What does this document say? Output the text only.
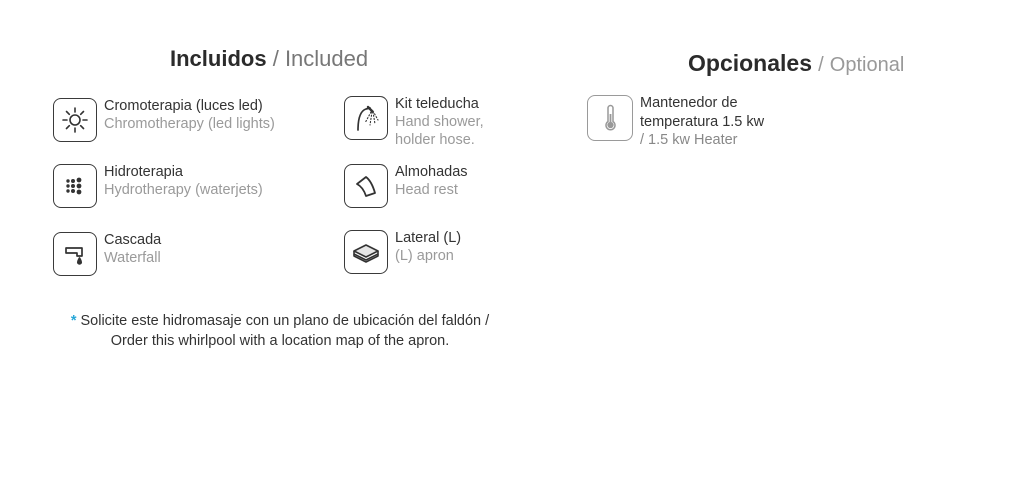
Incluidos / Included	Opcionales / Optional
Cromoterapia (luces led)
Chromotherapy (led lights)
Hidroterapia
Hydrotherapy (waterjets)
Cascada
Waterfall
Kit teleducha
Hand shower,
holder hose.
Almohadas
Head rest
Lateral (L)
(L) apron
Mantenedor de
temperatura 1.5 kw
/ 1.5 kw Heater
* Solicite este hidromasaje con un plano de ubicación del faldón / Order this whirlpool with a location map of the apron.
